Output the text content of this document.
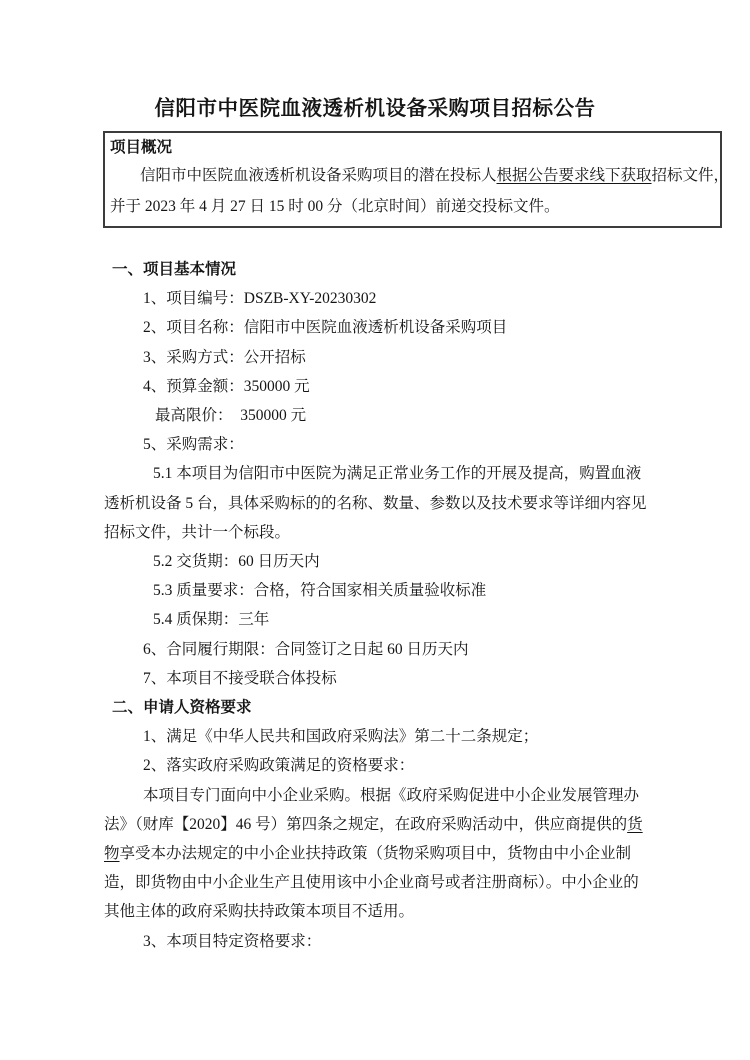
信阳市中医院血液透析机设备采购项目招标公告
项目概况
信阳市中医院血液透析机设备采购项目的潜在投标人根据公告要求线下获取招标文件，
并于 2023 年 4 月 27 日 15 时 00 分（北京时间）前递交投标文件。
一、项目基本情况
1、项目编号：DSZB-XY-20230302
2、项目名称：信阳市中医院血液透析机设备采购项目
3、采购方式：公开招标
4、预算金额：350000 元
最高限价：  350000 元
5、采购需求：
5.1 本项目为信阳市中医院为满足正常业务工作的开展及提高，购置血液
透析机设备 5 台，具体采购标的的名称、数量、参数以及技术要求等详细内容见
招标文件，共计一个标段。
5.2 交货期：60 日历天内
5.3 质量要求：合格，符合国家相关质量验收标准
5.4 质保期：三年
6、合同履行期限：合同签订之日起 60 日历天内
7、本项目不接受联合体投标
二、申请人资格要求
1、满足《中华人民共和国政府采购法》第二十二条规定；
2、落实政府采购政策满足的资格要求：
本项目专门面向中小企业采购。根据《政府采购促进中小企业发展管理办
法》（财库【2020】46 号）第四条之规定，在政府采购活动中，供应商提供的货
物享受本办法规定的中小企业扶持政策（货物采购项目中，货物由中小企业制
造，即货物由中小企业生产且使用该中小企业商号或者注册商标）。中小企业的
其他主体的政府采购扶持政策本项目不适用。
3、本项目特定资格要求：
